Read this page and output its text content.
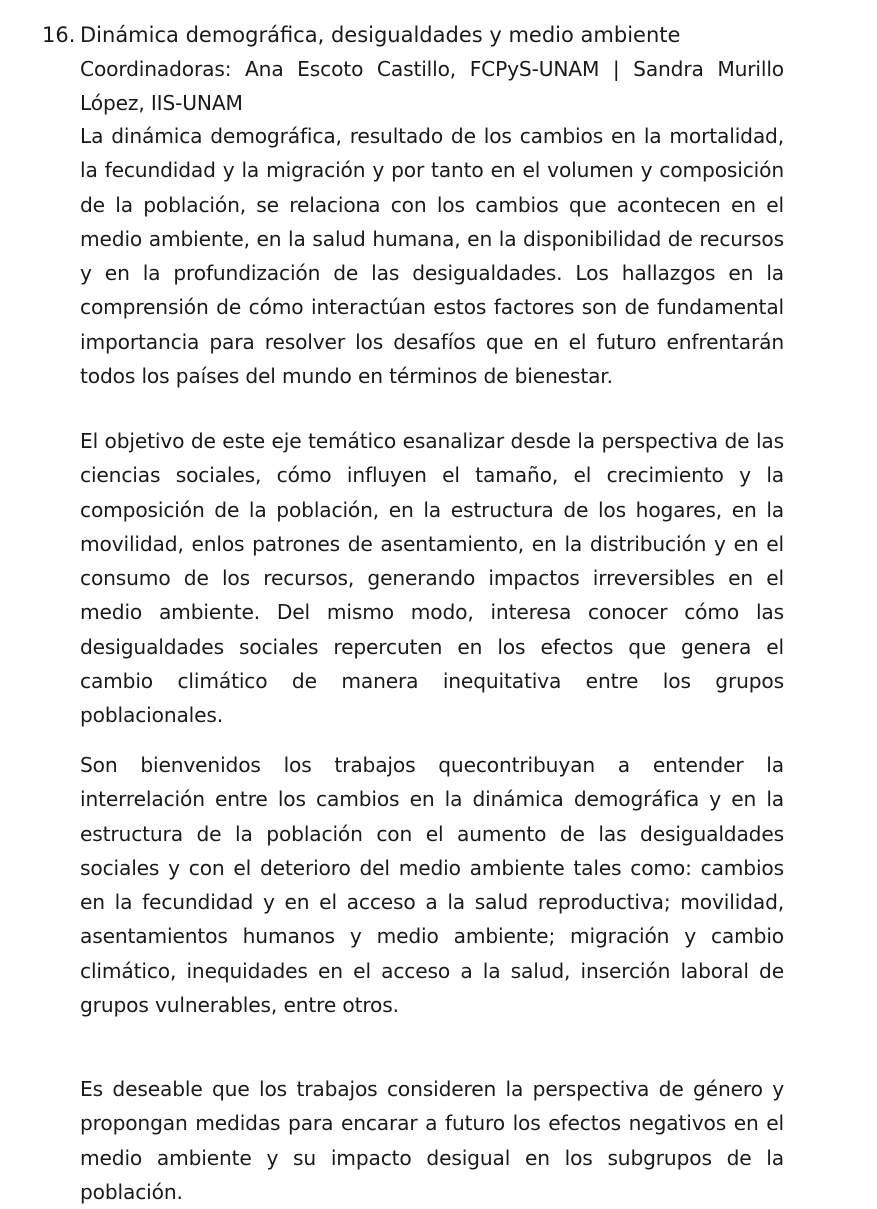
16. Dinámica demográfica, desigualdades y medio ambiente
Coordinadoras: Ana Escoto Castillo, FCPyS-UNAM | Sandra Murillo López, IIS-UNAM
La dinámica demográfica, resultado de los cambios en la mortalidad, la fecundidad y la migración y por tanto en el volumen y composición de la población, se relaciona con los cambios que acontecen en el medio ambiente, en la salud humana, en la disponibilidad de recursos y en la profundización de las desigualdades. Los hallazgos en la comprensión de cómo interactúan estos factores son de fundamental importancia para resolver los desafíos que en el futuro enfrentarán todos los países del mundo en términos de bienestar.
El objetivo de este eje temático esanalizar desde la perspectiva de las ciencias sociales, cómo influyen el tamaño, el crecimiento y la composición de la población, en la estructura de los hogares, en la movilidad, enlos patrones de asentamiento, en la distribución y en el consumo de los recursos, generando impactos irreversibles en el medio ambiente. Del mismo modo, interesa conocer cómo las desigualdades sociales repercuten en los efectos que genera el cambio climático de manera inequitativa entre los grupos poblacionales.
Son bienvenidos los trabajos quecontribuyan a entender la interrelación entre los cambios en la dinámica demográfica y en la estructura de la población con el aumento de las desigualdades sociales y con el deterioro del medio ambiente tales como: cambios en la fecundidad y en el acceso a la salud reproductiva; movilidad, asentamientos humanos y medio ambiente; migración y cambio climático, inequidades en el acceso a la salud, inserción laboral de grupos vulnerables, entre otros.
Es deseable que los trabajos consideren la perspectiva de género y propongan medidas para encarar a futuro los efectos negativos en el medio ambiente y su impacto desigual en los subgrupos de la población.
